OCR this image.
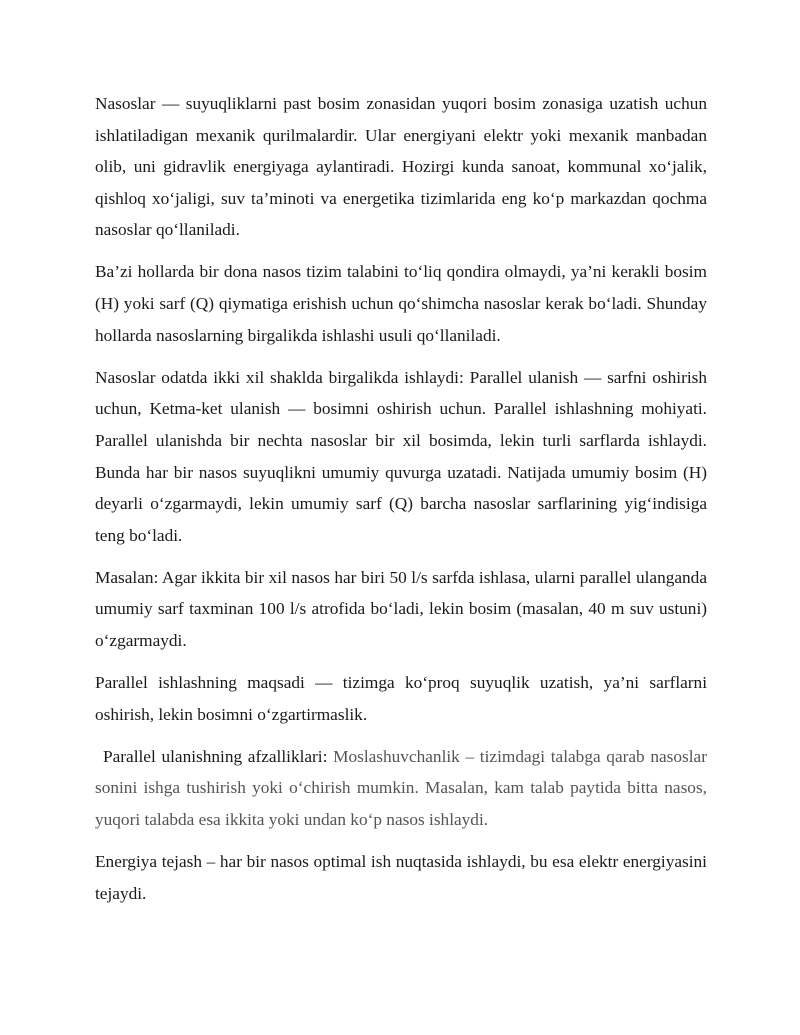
Nasoslar — suyuqliklarni past bosim zonasidan yuqori bosim zonasiga uzatish uchun ishlatiladigan mexanik qurilmalardir. Ular energiyani elektr yoki mexanik manbadan olib, uni gidravlik energiyaga aylantiradi. Hozirgi kunda sanoat, kommunal xo‘jalik, qishloq xo‘jaligi, suv ta’minoti va energetika tizimlarida eng ko‘p markazdan qochma nasoslar qo‘llaniladi.

Ba’zi hollarda bir dona nasos tizim talabini to‘liq qondira olmaydi, ya’ni kerakli bosim (H) yoki sarf (Q) qiymatiga erishish uchun qo‘shimcha nasoslar kerak bo‘ladi. Shunday hollarda nasoslarning birgalikda ishlashi usuli qo‘llaniladi.

Nasoslar odatda ikki xil shaklda birgalikda ishlaydi: Parallel ulanish — sarfni oshirish uchun, Ketma-ket ulanish — bosimni oshirish uchun. Parallel ishlashning mohiyati. Parallel ulanishda bir nechta nasoslar bir xil bosimda, lekin turli sarflarda ishlaydi. Bunda har bir nasos suyuqlikni umumiy quvurga uzatadi. Natijada umumiy bosim (H) deyarli o‘zgarmaydi, lekin umumiy sarf (Q) barcha nasoslar sarflarining yig‘indisiga teng bo‘ladi.

Masalan: Agar ikkita bir xil nasos har biri 50 l/s sarfda ishlasa, ularni parallel ulanganda umumiy sarf taxminan 100 l/s atrofida bo‘ladi, lekin bosim (masalan, 40 m suv ustuni) o‘zgarmaydi.

Parallel ishlashning maqsadi — tizimga ko‘proq suyuqlik uzatish, ya’ni sarflarni oshirish, lekin bosimni o‘zgartirmaslik.

Parallel ulanishning afzalliklari: Moslashuvchanlik – tizimdagi talabga qarab nasoslar sonini ishga tushirish yoki o‘chirish mumkin. Masalan, kam talab paytida bitta nasos, yuqori talabda esa ikkita yoki undan ko‘p nasos ishlaydi.

Energiya tejash – har bir nasos optimal ish nuqtasida ishlaydi, bu esa elektr energiyasini tejaydi.
